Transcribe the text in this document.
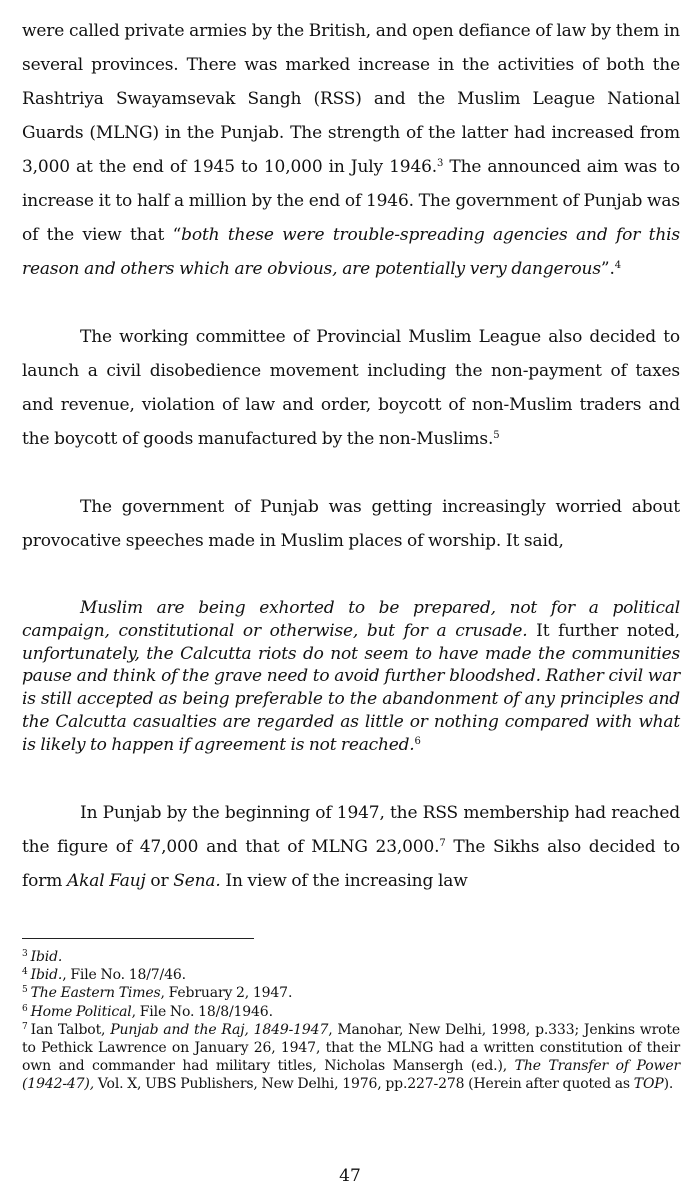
were called private armies by the British, and open defiance of law by them in several provinces. There was marked increase in the activities of both the Rashtriya Swayamsevak Sangh (RSS) and the Muslim League National Guards (MLNG) in the Punjab. The strength of the latter had increased from 3,000 at the end of 1945 to 10,000 in July 1946.$^3$ The announced aim was to increase it to half a million by the end of 1946. The government of Punjab was of the view that “both these were trouble-spreading agencies and for this reason and others which are obvious, are potentially very dangerous”.$^4$

The working committee of Provincial Muslim League also decided to launch a civil disobedience movement including the non-payment of taxes and revenue, violation of law and order, boycott of non-Muslim traders and the boycott of goods manufactured by the non-Muslims.$^5$

The government of Punjab was getting increasingly worried about provocative speeches made in Muslim places of worship. It said,

Muslim are being exhorted to be prepared, not for a political campaign, constitutional or otherwise, but for a crusade. It further noted, unfortunately, the Calcutta riots do not seem to have made the communities pause and think of the grave need to avoid further bloodshed. Rather civil war is still accepted as being preferable to the abandonment of any principles and the Calcutta casualties are regarded as little or nothing compared with what is likely to happen if agreement is not reached.$^6$

In Punjab by the beginning of 1947, the RSS membership had reached the figure of 47,000 and that of MLNG 23,000.$^7$ The Sikhs also decided to form Akal Fauj or Sena. In view of the increasing law

$^3$ Ibid.

$^4$ Ibid., File No. 18/7/46.

$^5$ The Eastern Times, February 2, 1947.

$^6$ Home Political, File No. 18/8/1946.

$^7$ Ian Talbot, Punjab and the Raj, 1849-1947, Manohar, New Delhi, 1998, p.333; Jenkins wrote to Pethick Lawrence on January 26, 1947, that the MLNG had a written constitution of their own and commander had military titles, Nicholas Mansergh (ed.), The Transfer of Power (1942-47), Vol. X, UBS Publishers, New Delhi, 1976, pp.227-278 (Herein after quoted as TOP).

47
